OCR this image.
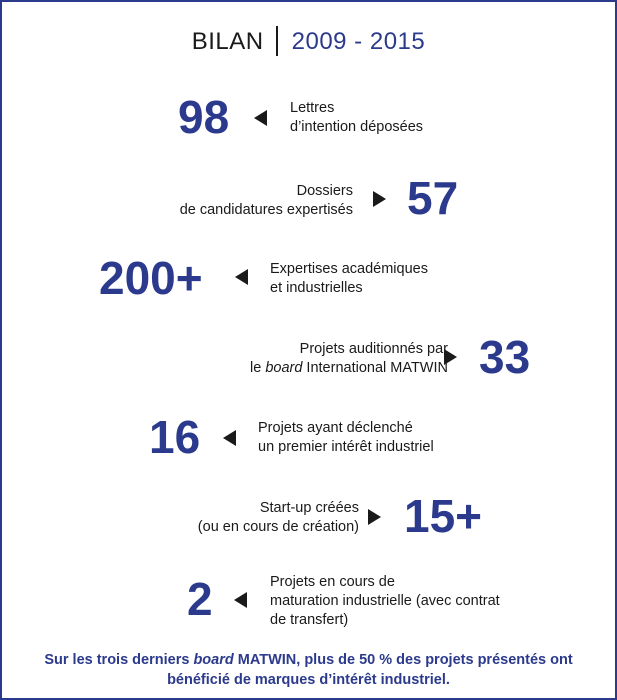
BILAN 2009 - 2015
98	Lettres
d’intention déposées
Dossiers
de candidatures expertisés 57
200+	Expertises académiques
et industrielles
Projets auditionnés par
le board International MATWIN 33
16	Projets ayant déclenché
un premier intérêt industriel
Start-up créées
(ou en cours de création) 15+
2	Projets en cours de
maturation industrielle (avec contrat
de transfert)
Sur les trois derniers board MATWIN, plus de 50 % des projets présentés ont
bénéficié de marques d’intérêt industriel.
